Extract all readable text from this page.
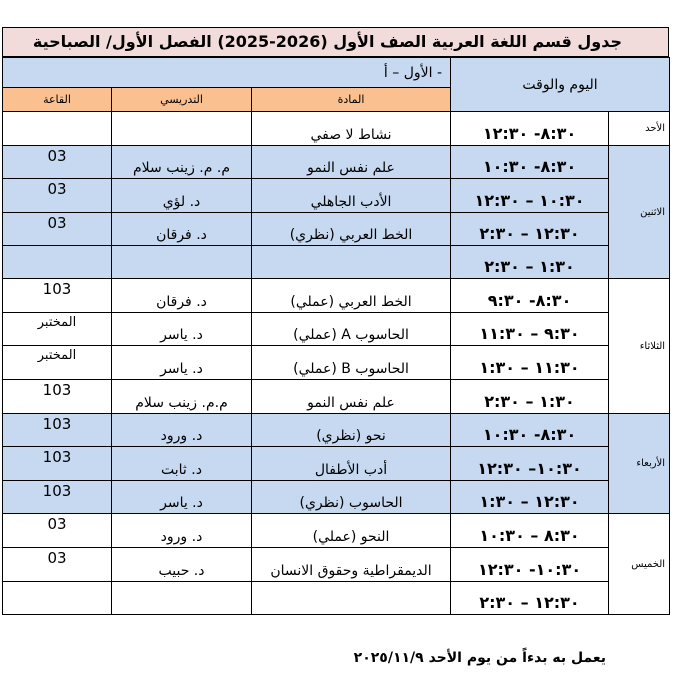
جدول قسم اللغة العربية الصف الأول (2026-2025) الفصل الأول/ الصباحية
الأول – أ -			اليوم والوقت	
القاعة	التدريسي	المادة		
		نشاط لا صفي	٨:٣٠- ١٢:٣٠	الأحد
03	م. م. زينب سلام	علم نفس النمو	٨:٣٠- ١٠:٣٠	الاثنين
03	د. لؤي	الأدب الجاهلي	١٠:٣٠ – ١٢:٣٠	
03	د. فرقان	الخط العربي (نظري)	١٢:٣٠ – ٢:٣٠	
			١:٣٠ – ٢:٣٠	
103	د. فرقان	الخط العربي (عملي)	٨:٣٠- ٩:٣٠	الثلاثاء
المختبر	د. ياسر	الحاسوب A (عملي)	٩:٣٠ – ١١:٣٠	
المختبر	د. ياسر	الحاسوب B (عملي)	١١:٣٠ – ١:٣٠	
103	م.م. زينب سلام	علم نفس النمو	١:٣٠ – ٢:٣٠	
103	د. ورود	نحو (نظري)	٨:٣٠- ١٠:٣٠	الأربعاء
103	د. ثابت	أدب الأطفال	١٠:٣٠– ١٢:٣٠	
103	د. ياسر	الحاسوب (نظري)	١٢:٣٠ – ١:٣٠	
03	د. ورود	النحو (عملي)	٨:٣٠ – ١٠:٣٠	الخميس
03	د. حبيب	الديمقراطية وحقوق الانسان	١٠:٣٠- ١٢:٣٠	
			١٢:٣٠ – ٢:٣٠	
يعمل به بدءاً من يوم الأحد ٢٠٢٥/١١/٩
